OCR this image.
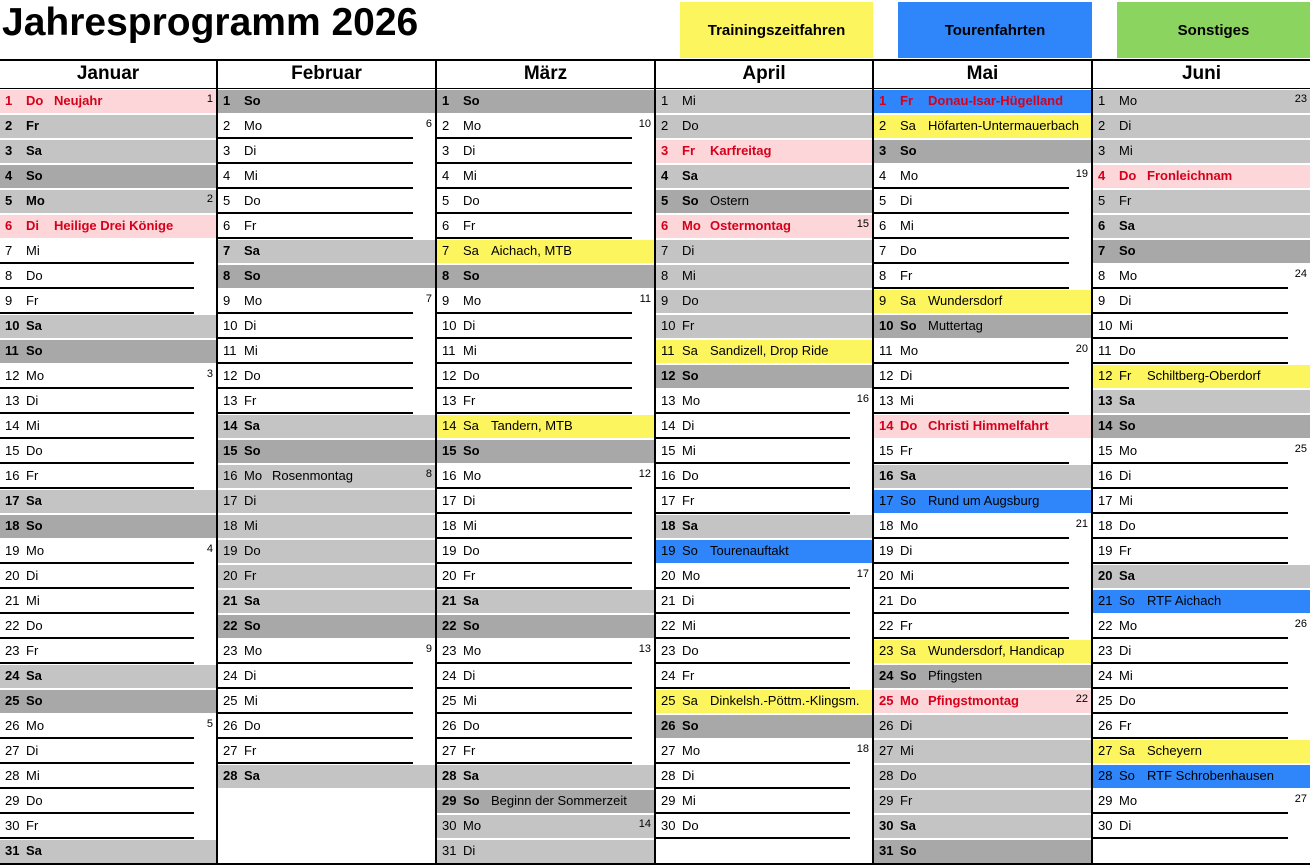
Jahresprogramm 2026	Trainingszeitfahren	Tourenfahrten	Sonstiges
Januar
1 Do Neujahr	1
2 Fr
3 Sa
4 So
5 Mo	2
6 Di Heilige Drei Könige
7 Mi
8 Do
9 Fr
10 Sa
11 So
12 Mo	3
13 Di
14 Mi
15 Do
16 Fr
17 Sa
18 So
19 Mo	4
20 Di
21 Mi
22 Do
23 Fr
24 Sa
25 So
26 Mo	5
27 Di
28 Mi
29 Do
30 Fr
31 Sa
Februar
1 So
2 Mo	6
3 Di
4 Mi
5 Do
6 Fr
7 Sa
8 So
9 Mo	7
10 Di
11 Mi
12 Do
13 Fr
14 Sa
15 So
16 Mo Rosenmontag	8
17 Di
18 Mi
19 Do
20 Fr
21 Sa
22 So
23 Mo	9
24 Di
25 Mi
26 Do
27 Fr
28 Sa
März
1 So
2 Mo	10
3 Di
4 Mi
5 Do
6 Fr
7 Sa Aichach, MTB
8 So
9 Mo	11
10 Di
11 Mi
12 Do
13 Fr
14 Sa Tandern, MTB
15 So
16 Mo	12
17 Di
18 Mi
19 Do
20 Fr
21 Sa
22 So
23 Mo	13
24 Di
25 Mi
26 Do
27 Fr
28 Sa
29 So Beginn der Sommerzeit
30 Mo	14
31 Di
April
1 Mi
2 Do
3 Fr Karfreitag
4 Sa
5 So Ostern
6 Mo Ostermontag	15
7 Di
8 Mi
9 Do
10 Fr
11 Sa Sandizell, Drop Ride
12 So
13 Mo	16
14 Di
15 Mi
16 Do
17 Fr
18 Sa
19 So Tourenauftakt
20 Mo	17
21 Di
22 Mi
23 Do
24 Fr
25 Sa Dinkelsh.-Pöttm.-Klingsm.
26 So
27 Mo	18
28 Di
29 Mi
30 Do
Mai
1 Fr Donau-Isar-Hügelland
2 Sa Höfarten-Untermauerbach
3 So
4 Mo	19
5 Di
6 Mi
7 Do
8 Fr
9 Sa Wundersdorf
10 So Muttertag
11 Mo	20
12 Di
13 Mi
14 Do Christi Himmelfahrt
15 Fr
16 Sa
17 So Rund um Augsburg
18 Mo	21
19 Di
20 Mi
21 Do
22 Fr
23 Sa Wundersdorf, Handicap
24 So Pfingsten
25 Mo Pfingstmontag	22
26 Di
27 Mi
28 Do
29 Fr
30 Sa
31 So
Juni
1 Mo	23
2 Di
3 Mi
4 Do Fronleichnam
5 Fr
6 Sa
7 So
8 Mo	24
9 Di
10 Mi
11 Do
12 Fr Schiltberg-Oberdorf
13 Sa
14 So
15 Mo	25
16 Di
17 Mi
18 Do
19 Fr
20 Sa
21 So RTF Aichach
22 Mo	26
23 Di
24 Mi
25 Do
26 Fr
27 Sa Scheyern
28 So RTF Schrobenhausen
29 Mo	27
30 Di
